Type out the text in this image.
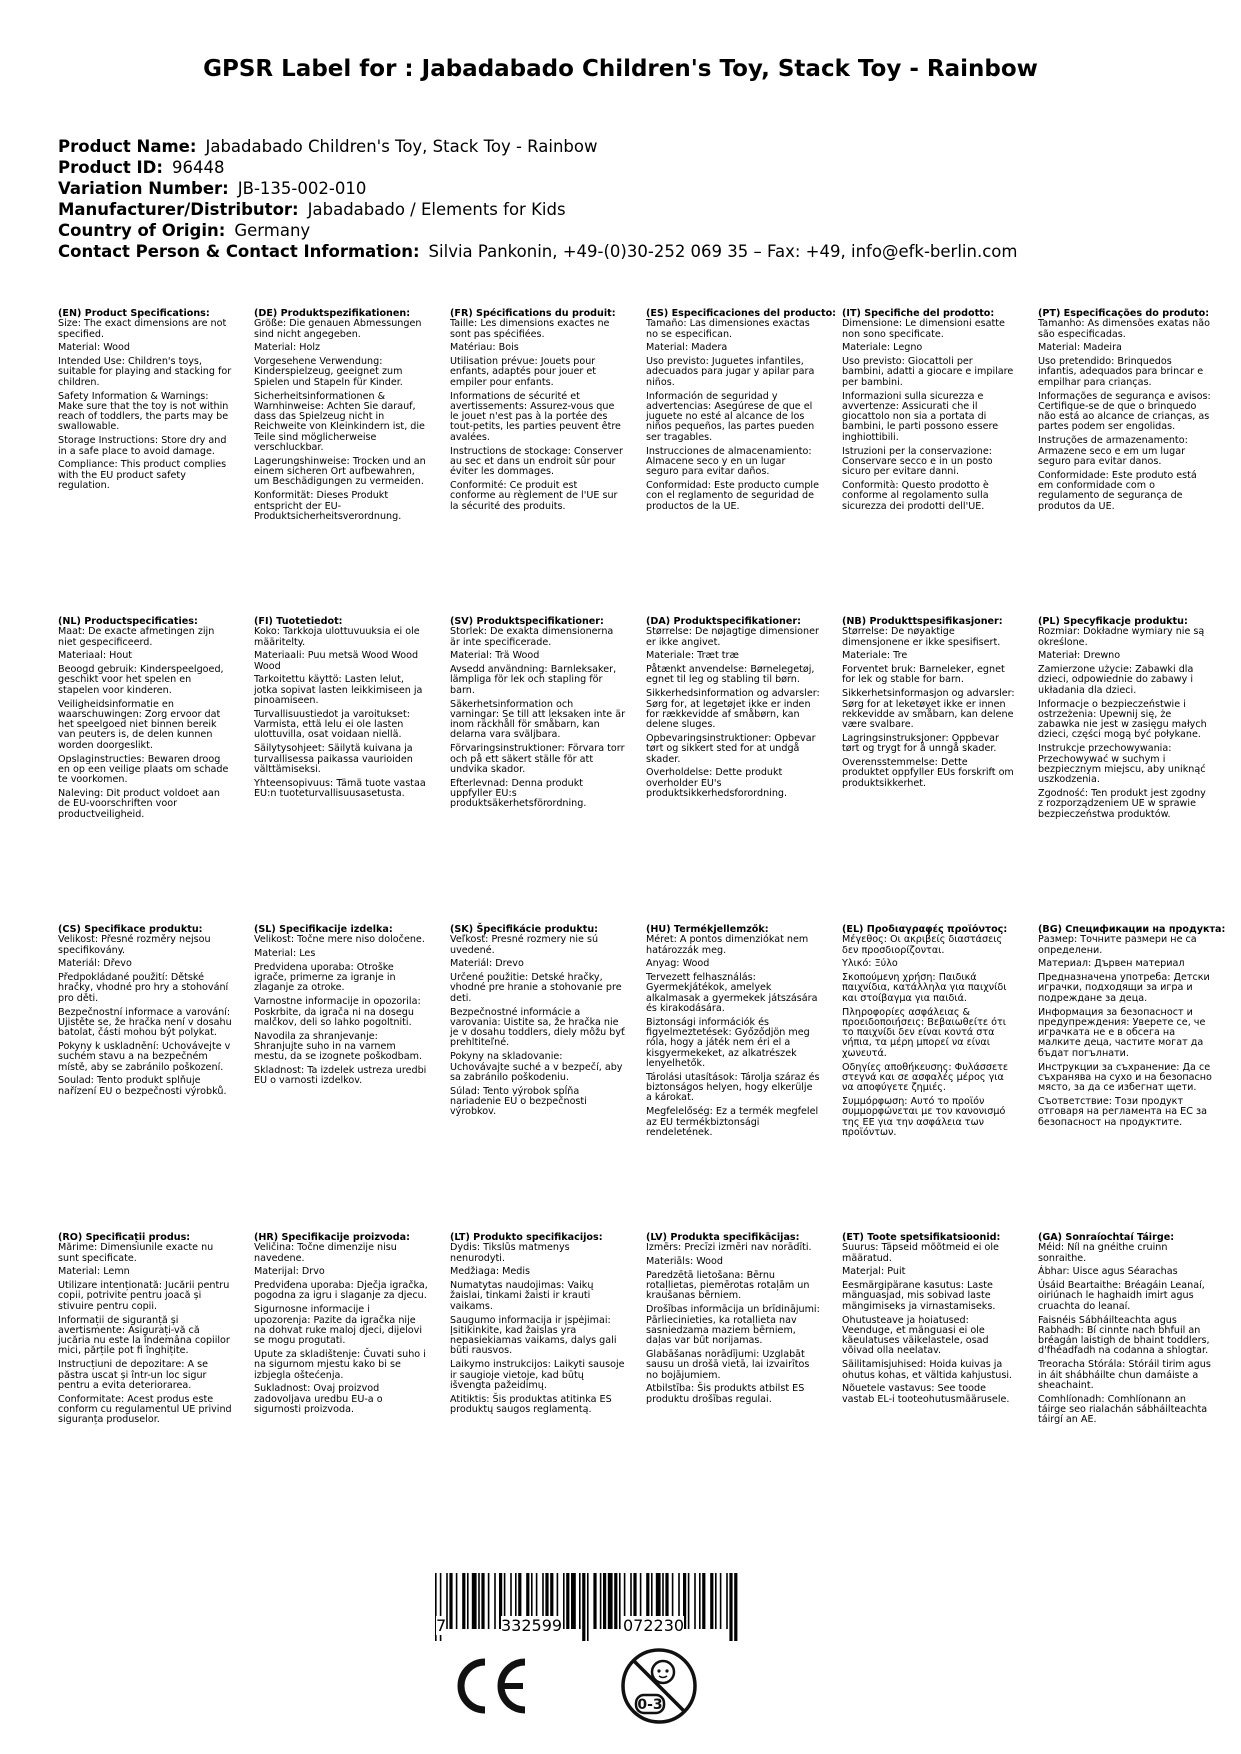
GPSR Label for : Jabadabado Children's Toy, Stack Toy - Rainbow
Product Name: Jabadabado Children's Toy, Stack Toy - Rainbow
Product ID: 96448
Variation Number: JB-135-002-010
Manufacturer/Distributor: Jabadabado / Elements for Kids
Country of Origin: Germany
Contact Person & Contact Information: Silvia Pankonin, +49-(0)30-252 069 35 – Fax: +49, info@efk-berlin.com
(EN) Product Specifications:

Size: The exact dimensions are not specified.

Material: Wood

Intended Use: Children's toys, suitable for playing and stacking for children.

Safety Information & Warnings: Make sure that the toy is not within reach of toddlers, the parts may be swallowable.

Storage Instructions: Store dry and in a safe place to avoid damage.

Compliance: This product complies with the EU product safety regulation.

(DE) Produktspezifikationen:

Größe: Die genauen Abmessungen sind nicht angegeben.

Material: Holz

Vorgesehene Verwendung: Kinderspielzeug, geeignet zum Spielen und Stapeln für Kinder.

Sicherheitsinformationen & Warnhinweise: Achten Sie darauf, dass das Spielzeug nicht in Reichweite von Kleinkindern ist, die Teile sind möglicherweise verschluckbar.

Lagerungshinweise: Trocken und an einem sicheren Ort aufbewahren, um Beschädigungen zu vermeiden.

Konformität: Dieses Produkt entspricht der EU-Produktsicherheitsverordnung.

(FR) Spécifications du produit:

Taille: Les dimensions exactes ne sont pas spécifiées.

Matériau: Bois

Utilisation prévue: Jouets pour enfants, adaptés pour jouer et empiler pour enfants.

Informations de sécurité et avertissements: Assurez-vous que le jouet n'est pas à la portée des tout-petits, les parties peuvent être avalées.

Instructions de stockage: Conserver au sec et dans un endroit sûr pour éviter les dommages.

Conformité: Ce produit est conforme au règlement de l'UE sur la sécurité des produits.

(ES) Especificaciones del producto:

Tamaño: Las dimensiones exactas no se especifican.

Material: Madera

Uso previsto: Juguetes infantiles, adecuados para jugar y apilar para niños.

Información de seguridad y advertencias: Asegúrese de que el juguete no esté al alcance de los niños pequeños, las partes pueden ser tragables.

Instrucciones de almacenamiento: Almacene seco y en un lugar seguro para evitar daños.

Conformidad: Este producto cumple con el reglamento de seguridad de productos de la UE.

(IT) Specifiche del prodotto:

Dimensione: Le dimensioni esatte non sono specificate.

Materiale: Legno

Uso previsto: Giocattoli per bambini, adatti a giocare e impilare per bambini.

Informazioni sulla sicurezza e avvertenze: Assicurati che il giocattolo non sia a portata di bambini, le parti possono essere inghiottibili.

Istruzioni per la conservazione: Conservare secco e in un posto sicuro per evitare danni.

Conformità: Questo prodotto è conforme al regolamento sulla sicurezza dei prodotti dell'UE.

(PT) Especificações do produto:

Tamanho: As dimensões exatas não são especificadas.

Material: Madeira

Uso pretendido: Brinquedos infantis, adequados para brincar e empilhar para crianças.

Informações de segurança e avisos: Certifique-se de que o brinquedo não está ao alcance de crianças, as partes podem ser engolidas.

Instruções de armazenamento: Armazene seco e em um lugar seguro para evitar danos.

Conformidade: Este produto está em conformidade com o regulamento de segurança de produtos da UE.

(NL) Productspecificaties:

Maat: De exacte afmetingen zijn niet gespecificeerd.

Materiaal: Hout

Beoogd gebruik: Kinderspeelgoed, geschikt voor het spelen en stapelen voor kinderen.

Veiligheidsinformatie en waarschuwingen: Zorg ervoor dat het speelgoed niet binnen bereik van peuters is, de delen kunnen worden doorgeslikt.

Opslaginstructies: Bewaren droog en op een veilige plaats om schade te voorkomen.

Naleving: Dit product voldoet aan de EU-voorschriften voor productveiligheid.

(FI) Tuotetiedot:

Koko: Tarkkoja ulottuvuuksia ei ole määritelty.

Materiaali: Puu metsä Wood Wood Wood

Tarkoitettu käyttö: Lasten lelut, jotka sopivat lasten leikkimiseen ja pinoamiseen.

Turvallisuustiedot ja varoitukset: Varmista, että lelu ei ole lasten ulottuvilla, osat voidaan niellä.

Säilytysohjeet: Säilytä kuivana ja turvallisessa paikassa vaurioiden välttämiseksi.

Yhteensopivuus: Tämä tuote vastaa EU:n tuoteturvallisuusasetusta.

(SV) Produktspecifikationer:

Storlek: De exakta dimensionerna är inte specificerade.

Material: Trä Wood

Avsedd användning: Barnleksaker, lämpliga för lek och stapling för barn.

Säkerhetsinformation och varningar: Se till att leksaken inte är inom räckhåll för småbarn, kan delarna vara sväljbara.

Förvaringsinstruktioner: Förvara torr och på ett säkert ställe för att undvika skador.

Efterlevnad: Denna produkt uppfyller EU:s produktsäkerhetsförordning.

(DA) Produktspecifikationer:

Størrelse: De nøjagtige dimensioner er ikke angivet.

Materiale: Træt træ

Påtænkt anvendelse: Børnelegetøj, egnet til leg og stabling til børn.

Sikkerhedsinformation og advarsler: Sørg for, at legetøjet ikke er inden for rækkevidde af småbørn, kan delene sluges.

Opbevaringsinstruktioner: Opbevar tørt og sikkert sted for at undgå skader.

Overholdelse: Dette produkt overholder EU's produktsikkerhedsforordning.

(NB) Produkttspesifikasjoner:

Størrelse: De nøyaktige dimensjonene er ikke spesifisert.

Materiale: Tre

Forventet bruk: Barneleker, egnet for lek og stable for barn.

Sikkerhetsinformasjon og advarsler: Sørg for at leketøyet ikke er innen rekkevidde av småbarn, kan delene være svalbare.

Lagringsinstruksjoner: Oppbevar tørt og trygt for å unngå skader.

Overensstemmelse: Dette produktet oppfyller EUs forskrift om produktsikkerhet.

(PL) Specyfikacje produktu:

Rozmiar: Dokładne wymiary nie są określone.

Materiał: Drewno

Zamierzone użycie: Zabawki dla dzieci, odpowiednie do zabawy i układania dla dzieci.

Informacje o bezpieczeństwie i ostrzeżenia: Upewnij się, że zabawka nie jest w zasięgu małych dzieci, części mogą być połykane.

Instrukcje przechowywania: Przechowywać w suchym i bezpiecznym miejscu, aby uniknąć uszkodzenia.

Zgodność: Ten produkt jest zgodny z rozporządzeniem UE w sprawie bezpieczeństwa produktów.

(CS) Specifikace produktu:

Velikost: Přesné rozměry nejsou specifikovány.

Materiál: Dřevo

Předpokládané použití: Dětské hračky, vhodné pro hry a stohování pro děti.

Bezpečnostní informace a varování: Ujistěte se, že hračka není v dosahu batolat, části mohou být polykat.

Pokyny k uskladnění: Uchovávejte v suchém stavu a na bezpečném místě, aby se zabránilo poškození.

Soulad: Tento produkt splňuje nařízení EU o bezpečnosti výrobků.

(SL) Specifikacije izdelka:

Velikost: Točne mere niso določene.

Material: Les

Predvidena uporaba: Otroške igrače, primerne za igranje in zlaganje za otroke.

Varnostne informacije in opozorila: Poskrbite, da igrača ni na dosegu malčkov, deli so lahko pogoltniti.

Navodila za shranjevanje: Shranjujte suho in na varnem mestu, da se izognete poškodbam.

Skladnost: Ta izdelek ustreza uredbi EU o varnosti izdelkov.

(SK) Špecifikácie produktu:

Veľkosť: Presné rozmery nie sú uvedené.

Materiál: Drevo

Určené použitie: Detské hračky, vhodné pre hranie a stohovanie pre deti.

Bezpečnostné informácie a varovania: Uistite sa, že hračka nie je v dosahu toddlers, diely môžu byť prehltiteľné.

Pokyny na skladovanie: Uchovávajte suché a v bezpečí, aby sa zabránilo poškodeniu.

Súlad: Tento výrobok spĺňa nariadenie EÚ o bezpečnosti výrobkov.

(HU) Termékjellemzők:

Méret: A pontos dimenziókat nem határozzák meg.

Anyag: Wood

Tervezett felhasználás: Gyermekjátékok, amelyek alkalmasak a gyermekek játszására és kirakodására.

Biztonsági információk és figyelmeztetések: Győződjön meg róla, hogy a játék nem éri el a kisgyermekeket, az alkatrészek lenyelhetők.

Tárolási utasítások: Tárolja száraz és biztonságos helyen, hogy elkerülje a károkat.

Megfelelőség: Ez a termék megfelel az EU termékbiztonsági rendeletének.

(EL) Προδιαγραφές προϊόντος:

Μέγεθος: Οι ακριβείς διαστάσεις δεν προσδιορίζονται.

Υλικό: Ξύλο

Σκοπούμενη χρήση: Παιδικά παιχνίδια, κατάλληλα για παιχνίδι και στοίβαγμα για παιδιά.

Πληροφορίες ασφάλειας & προειδοποιήσεις: Βεβαιωθείτε ότι το παιχνίδι δεν είναι κοντά στα νήπια, τα μέρη μπορεί να είναι χωνευτά.

Οδηγίες αποθήκευσης: Φυλάσσετε στεγνά και σε ασφαλές μέρος για να αποφύγετε ζημιές.

Συμμόρφωση: Αυτό το προϊόν συμμορφώνεται με τον κανονισμό της ΕΕ για την ασφάλεια των προϊόντων.

(BG) Спецификации на продукта:

Размер: Точните размери не са определени.

Материал: Дървен материал

Предназначена употреба: Детски играчки, подходящи за игра и подреждане за деца.

Информация за безопасност и предупреждения: Уверете се, че играчката не е в обсега на малките деца, частите могат да бъдат погълнати.

Инструкции за съхранение: Да се съхранява на сухо и на безопасно място, за да се избегнат щети.

Съответствие: Този продукт отговаря на регламента на ЕС за безопасност на продуктите.

(RO) Specificații produs:

Mărime: Dimensiunile exacte nu sunt specificate.

Material: Lemn

Utilizare intenționată: Jucării pentru copii, potrivite pentru joacă și stivuire pentru copii.

Informații de siguranță și avertismente: Asigurați-vă că jucăria nu este la îndemâna copiilor mici, părțile pot fi înghițite.

Instrucțiuni de depozitare: A se păstra uscat și într-un loc sigur pentru a evita deteriorarea.

Conformitate: Acest produs este conform cu regulamentul UE privind siguranța produselor.

(HR) Specifikacije proizvoda:

Veličina: Točne dimenzije nisu navedene.

Materijal: Drvo

Predviđena uporaba: Dječja igračka, pogodna za igru i slaganje za djecu.

Sigurnosne informacije i upozorenja: Pazite da igračka nije na dohvat ruke maloj djeci, dijelovi se mogu progutati.

Upute za skladištenje: Čuvati suho i na sigurnom mjestu kako bi se izbjegla oštećenja.

Sukladnost: Ovaj proizvod zadovoljava uredbu EU-a o sigurnosti proizvoda.

(LT) Produkto specifikacijos:

Dydis: Tikslūs matmenys nenurodyti.

Medžiaga: Medis

Numatytas naudojimas: Vaikų žaislai, tinkami žaisti ir krauti vaikams.

Saugumo informacija ir įspėjimai: Įsitikinkite, kad žaislas yra nepasiekiamas vaikams, dalys gali būti rausvos.

Laikymo instrukcijos: Laikyti sausoje ir saugioje vietoje, kad būtų išvengta pažeidimų.

Atitiktis: Šis produktas atitinka ES produktų saugos reglamentą.

(LV) Produkta specifikācijas:

Izmērs: Precīzi izmēri nav norādīti.

Materiāls: Wood

Paredzētā lietošana: Bērnu rotaļlietas, piemērotas rotaļām un kraušanas bērniem.

Drošības informācija un brīdinājumi: Pārliecinieties, ka rotaļlieta nav sasniedzama maziem bērniem, daļas var būt norijamas.

Glabāšanas norādījumi: Uzglabāt sausu un drošā vietā, lai izvairītos no bojājumiem.

Atbilstība: Šis produkts atbilst ES produktu drošības regulai.

(ET) Toote spetsifikatsioonid:

Suurus: Täpseid mõõtmeid ei ole määratud.

Materjal: Puit

Eesmärgipärane kasutus: Laste mänguasjad, mis sobivad laste mängimiseks ja virnastamiseks.

Ohutusteave ja hoiatused: Veenduge, et mänguasi ei ole käeulatuses väikelastele, osad võivad olla neelatav.

Säilitamisjuhised: Hoida kuivas ja ohutus kohas, et vältida kahjustusi.

Nõuetele vastavus: See toode vastab EL-i tooteohutusmäärusele.

(GA) Sonraíochtaí Táirge:

Méid: Níl na gnéithe cruinn sonraithe.

Ábhar: Uisce agus Séarachas

Úsáid Beartaithe: Bréagáin Leanaí, oiriúnach le haghaidh imirt agus cruachta do leanaí.

Faisnéis Sábháilteachta agus Rabhadh: Bí cinnte nach bhfuil an bréagán laistigh de bhaint toddlers, d'fhéadfadh na codanna a shlogtar.

Treoracha Stórála: Stóráil tirim agus in áit shábháilte chun damáiste a sheachaint.

Comhlíonadh: Comhlíonann an táirge seo rialachán sábháilteachta táirgí an AE.

7	332599	072230
0-3
